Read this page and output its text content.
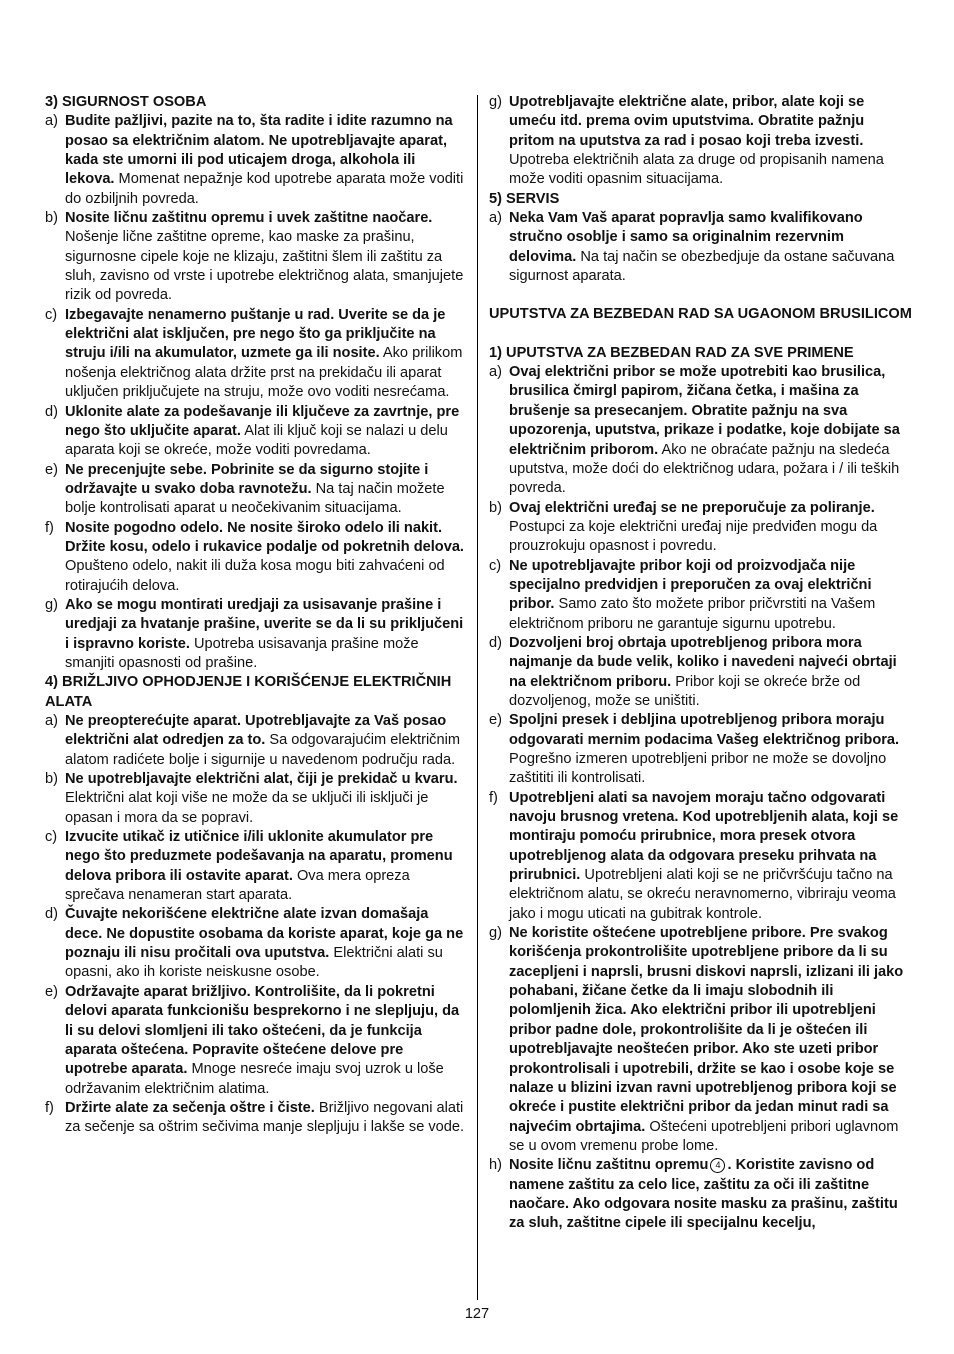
3) SIGURNOST OSOBA
a) Budite pažljivi, pazite na to, šta radite i idite razumno na posao sa električnim alatom. Ne upotrebljavajte aparat, kada ste umorni ili pod uticajem droga, alkohola ili lekova. Momenat nepažnje kod upotrebe aparata može voditi do ozbiljnih povreda.
b) Nosite ličnu zaštitnu opremu i uvek zaštitne naočare. Nošenje lične zaštitne opreme, kao maske za prašinu, sigurnosne cipele koje ne klizaju, zaštitni šlem ili zaštitu za sluh, zavisno od vrste i upotrebe električnog alata, smanjujete rizik od povreda.
c) Izbegavajte nenamerno puštanje u rad. Uverite se da je električni alat isključen, pre nego što ga priključite na struju i/ili na akumulator, uzmete ga ili nosite. Ako prilikom nošenja električnog alata držite prst na prekidaču ili aparat uključen priključujete na struju, može ovo voditi nesrećama.
d) Uklonite alate za podešavanje ili ključeve za zavrtnje, pre nego što uključite aparat. Alat ili ključ koji se nalazi u delu aparata koji se okreće, može voditi povredama.
e) Ne precenjujte sebe. Pobrinite se da sigurno stojite i održavajte u svako doba ravnotežu. Na taj način možete bolje kontrolisati aparat u neočekivanim situacijama.
f) Nosite pogodno odelo. Ne nosite široko odelo ili nakit. Držite kosu, odelo i rukavice podalje od pokretnih delova. Opušteno odelo, nakit ili duža kosa mogu biti zahvaćeni od rotirajućih delova.
g) Ako se mogu montirati uredjaji za usisavanje prašine i uredjaji za hvatanje prašine, uverite se da li su priključeni i ispravno koriste. Upotreba usisavanja prašine može smanjiti opasnosti od prašine.
4) BRIŽLJIVO OPHODJENJE I KORIŠĆENJE ELEKTRIČNIH ALATA
a) Ne preopterećujte aparat. Upotrebljavajte za Vaš posao električni alat odredjen za to. Sa odgovarajućim električnim alatom radićete bolje i sigurnije u navedenom području rada.
b) Ne upotrebljavajte električni alat, čiji je prekidač u kvaru. Električni alat koji više ne može da se uključi ili isključi je opasan i mora da se popravi.
c) Izvucite utikač iz utičnice i/ili uklonite akumulator pre nego što preduzmete podešavanja na aparatu, promenu delova pribora ili ostavite aparat. Ova mera opreza sprečava nenameran start aparata.
d) Čuvajte nekorišćene električne alate izvan domašaja dece. Ne dopustite osobama da koriste aparat, koje ga ne poznaju ili nisu pročitali ova uputstva. Električni alati su opasni, ako ih koriste neiskusne osobe.
e) Održavajte aparat brižljivo. Kontrolišite, da li pokretni delovi aparata funkcionišu besprekorno i ne slepljuju, da li su delovi slomljeni ili tako oštećeni, da je funkcija aparata oštećena. Popravite oštećene delove pre upotrebe aparata. Mnoge nesreće imaju svoj uzrok u loše održavanim električnim alatima.
f) Držirte alate za sečenja oštre i čiste. Brižljivo negovani alati za sečenje sa oštrim sečivima manje slepljuju i lakše se vode.
g) Upotrebljavajte električne alate, pribor, alate koji se umeću itd. prema ovim uputstvima. Obratite pažnju pritom na uputstva za rad i posao koji treba izvesti. Upotreba električnih alata za druge od propisanih namena može voditi opasnim situacijama.
5) SERVIS
a) Neka Vam Vaš aparat popravlja samo kvalifikovano stručno osoblje i samo sa originalnim rezervnim delovima. Na taj način se obezbedjuje da ostane sačuvana sigurnost aparata.
UPUTSTVA ZA BEZBEDAN RAD SA UGAONOM BRUSILICOM
1) UPUTSTVA ZA BEZBEDAN RAD ZA SVE PRIMENE
a) Ovaj električni pribor se može upotrebiti kao brusilica, brusilica čmirgl papirom, žičana četka, i mašina za brušenje sa presecanjem. Obratite pažnju na sva upozorenja, uputstva, prikaze i podatke, koje dobijate sa električnim priborom. Ako ne obraćate pažnju na sledeća uputstva, može doći do električnog udara, požara i / ili teških povreda.
b) Ovaj električni uređaj se ne preporučuje za poliranje. Postupci za koje električni uređaj nije predviđen mogu da prouzrokuju opasnost i povredu.
c) Ne upotrebljavajte pribor koji od proizvodjača nije specijalno predvidjen i preporučen za ovaj električni pribor. Samo zato što možete pribor pričvrstiti na Vašem električnom priboru ne garantuje sigurnu upotrebu.
d) Dozvoljeni broj obrtaja upotrebljenog pribora mora najmanje da bude velik, koliko i navedeni najveći obrtaji na električnom priboru. Pribor koji se okreće brže od dozvoljenog, može se uništiti.
e) Spoljni presek i debljina upotrebljenog pribora moraju odgovarati mernim podacima Vašeg električnog pribora. Pogrešno izmeren upotrebljeni pribor ne može se dovoljno zaštititi ili kontrolisati.
f) Upotrebljeni alati sa navojem moraju tačno odgovarati navoju brusnog vretena. Kod upotrebljenih alata, koji se montiraju pomoću prirubnice, mora presek otvora upotrebljenog alata da odgovara preseku prihvata na prirubnici. Upotrebljeni alati koji se ne pričvršćuju tačno na električnom alatu, se okreću neravnomerno, vibriraju veoma jako i mogu uticati na gubitrak kontrole.
g) Ne koristite oštećene upotrebljene pribore. Pre svakog korišćenja prokontrolišite upotrebljene pribore da li su zacepljeni i naprsli, brusni diskovi naprsli, izlizani ili jako pohabani, žičane četke da li imaju slobodnih ili polomljenih žica. Ako električni pribor ili upotrebljeni pribor padne dole, prokontrolišite da li je oštećen ili upotrebljavajte neoštećen pribor. Ako ste uzeti pribor prokontrolisali i upotrebili, držite se kao i osobe koje se nalaze u blizini izvan ravni upotrebljenog pribora koji se okreće i pustite električni pribor da jedan minut radi sa najvećim obrtajima. Oštećeni upotrebljeni pribori uglavnom se u ovom vremenu probe lome.
h) Nosite ličnu zaštitnu opremu 4 . Koristite zavisno od namene zaštitu za celo lice, zaštitu za oči ili zaštitne naočare. Ako odgovara nosite masku za prašinu, zaštitu za sluh, zaštitne cipele ili specijalnu kecelju,
127
